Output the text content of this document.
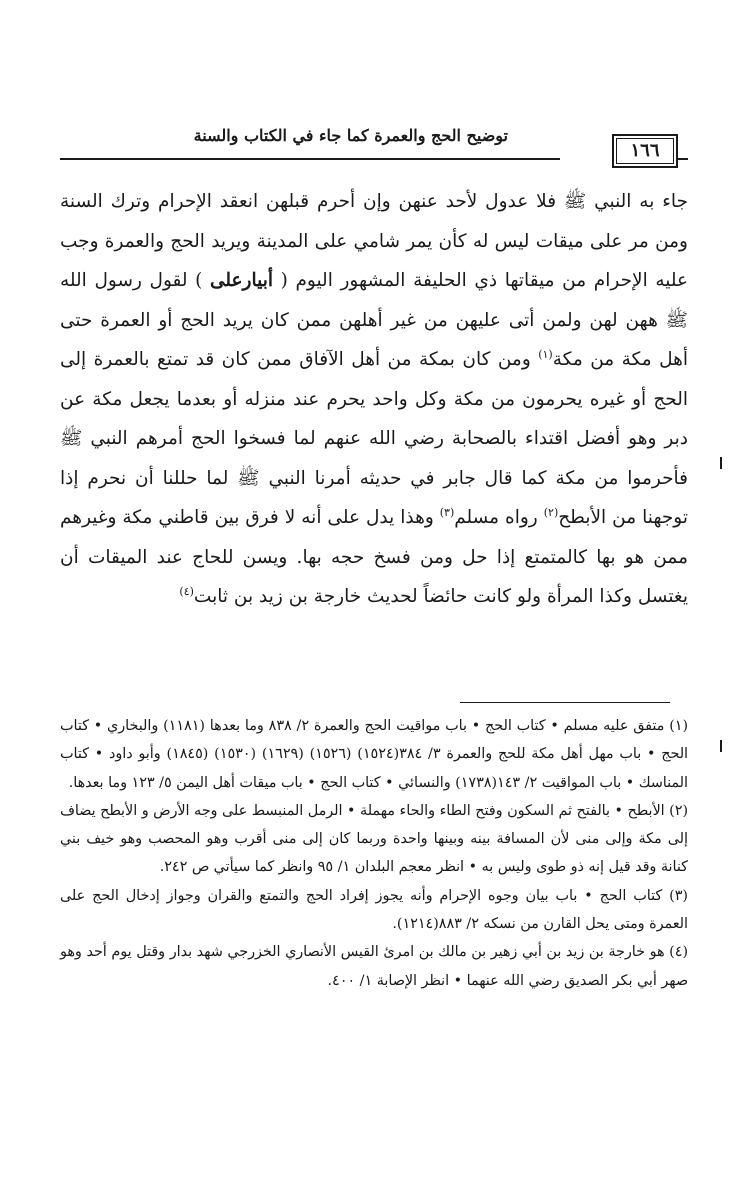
١٦٦
توضيح الحج والعمرة كما جاء في الكتاب والسنة

جاء به النبي ﷺ فلا عدول لأحد عنهن وإن أحرم قبلهن انعقد الإحرام وترك السنة ومن مر على ميقات ليس له كأن يمر شامي على المدينة ويريد الحج والعمرة وجب عليه الإحرام من ميقاتها ذي الحليفة المشهور اليوم ( أبيارعلى ) لقول رسول الله ﷺ ههن لهن ولمن أتى عليهن من غير أهلهن ممن كان يريد الحج أو العمرة حتى أهل مكة من مكة$^{(١)}$ ومن كان بمكة من أهل الآفاق ممن كان قد تمتع بالعمرة إلى الحج أو غيره يحرمون من مكة وكل واحد يحرم عند منزله أو بعدما يجعل مكة عن دبر وهو أفضل اقتداء بالصحابة رضي الله عنهم لما فسخوا الحج أمرهم النبي ﷺ فأحرموا من مكة كما قال جابر في حديثه أمرنا النبي ﷺ لما حللنا أن نحرم إذا توجهنا من الأبطح$^{(٢)}$ رواه مسلم$^{(٣)}$ وهذا يدل على أنه لا فرق بين قاطني مكة وغيرهم ممن هو بها كالمتمتع إذا حل ومن فسخ حجه بها. ويسن للحاج عند الميقات أن يغتسل وكذا المرأة ولو كانت حائضاً لحديث خارجة بن زيد بن ثابت$^{(٤)}$

(١) متفق عليه مسلم • كتاب الحج • باب مواقيت الحج والعمرة ٢/ ٨٣٨ وما بعدها (١١٨١) والبخاري • كتاب الحج • باب مهل أهل مكة للحج والعمرة ٣/ ٣٨٤(١٥٢٤) (١٥٢٦) (١٦٢٩) (١٥٣٠) (١٨٤٥) وأبو داود • كتاب المناسك • باب المواقيت ٢/ ١٤٣(١٧٣٨) والنسائي • كتاب الحج • باب ميقات أهل اليمن ٥/ ١٢٣ وما بعدها.

(٢) الأبطح • بالفتح ثم السكون وفتح الطاء والحاء مهملة • الرمل المنبسط على وجه الأرض و الأبطح يضاف إلى مكة وإلى منى لأن المسافة بينه وبينها واحدة وربما كان إلى منى أقرب وهو المحصب وهو خيف بني كنانة وقد قيل إنه ذو طوى وليس به • انظر معجم البلدان ١/ ٩٥ وانظر كما سيأتي ص ٢٤٢.

(٣) كتاب الحج • باب بيان وجوه الإحرام وأنه يجوز إفراد الحج والتمتع والقران وجواز إدخال الحج على العمرة ومتى يحل القارن من نسكه ٢/ ٨٨٣(١٢١٤).

(٤) هو خارجة بن زيد بن أبي زهير بن مالك بن امرئ القيس الأنصاري الخزرجي شهد بدار وقتل يوم أحد وهو صهر أبي بكر الصديق رضي الله عنهما • انظر الإصابة ١/ ٤٠٠.
